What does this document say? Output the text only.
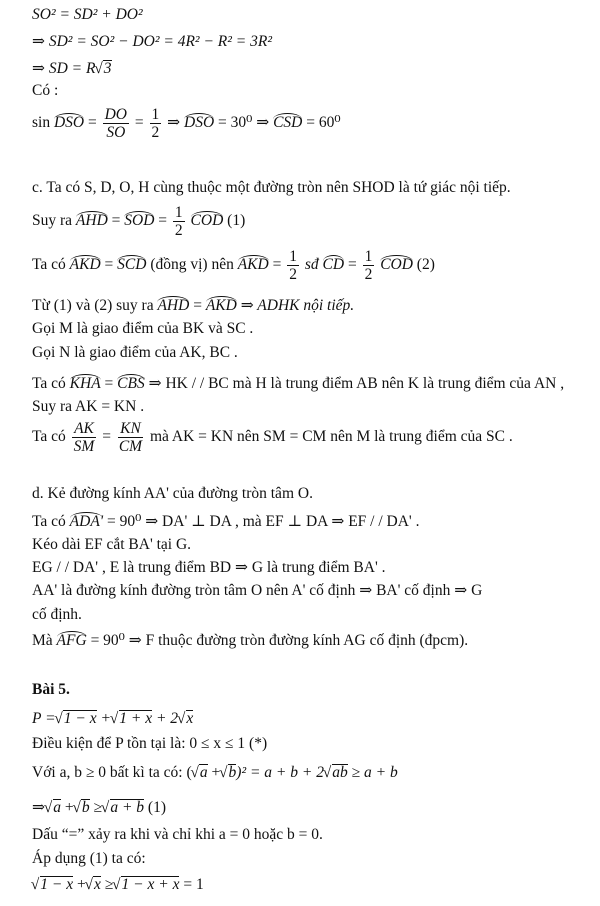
SO² = SD² + DO²
⇒ SD² = SO² − DO² = 4R² − R² = 3R²
⇒ SD = R √ 3
Có :
sin DSO = $\frac{DO}{SO} = \frac{1}{2}$ ⇒ DSO = 30⁰ ⇒ CSD = 60⁰
c. Ta có S, D, O, H cùng thuộc một đường tròn nên SHOD là tứ giác nội tiếp.
Suy ra AHD = SOD = $\frac{1}{2}$ COD (1)
Ta có AKD = SCD (đồng vị) nên AKD = $\frac{1}{2}$ sđ CD = $\frac{1}{2}$ COD (2)
Từ (1) và (2) suy ra AHD = AKD ⇒ ADHK nội tiếp.
Gọi M là giao điểm của BK và SC .
Gọi N là giao điểm của AK, BC .
Ta có KHA = CBS ⇒ HK / / BC mà H là trung điểm AB nên K là trung điểm của AN ,
Suy ra AK = KN .
Ta có $\frac{AK}{SM} = \frac{KN}{CM}$ mà AK = KN nên SM = CM nên M là trung điểm của SC .
d. Kẻ đường kính AA' của đường tròn tâm O.
Ta có ADA' = 90⁰ ⇒ DA' ⊥ DA , mà EF ⊥ DA ⇒ EF / / DA' .
Kéo dài EF cắt BA' tại G.
EG / / DA' , E là trung điểm BD ⇒ G là trung điểm BA' .
AA' là đường kính đường tròn tâm O nên A' cố định ⇒ BA' cố định ⇒ G
cố định.
Mà AFG = 90⁰ ⇒ F thuộc đường tròn đường kính AG cố định (đpcm).
Bài 5.
P = √ 1 − x + √ 1 + x + 2 √ x
Điều kiện để P tồn tại là: 0 ≤ x ≤ 1 (*)
Với a, b ≥ 0 bất kì ta có: ( √ a + √ b)² = a + b + 2 √ ab ≥ a + b
⇒ √ a + √ b ≥ √ a + b (1)
Dấu “=” xảy ra khi và chỉ khi a = 0 hoặc b = 0.
Áp dụng (1) ta có:
√ 1 − x + √ x ≥ √ 1 − x + x = 1
